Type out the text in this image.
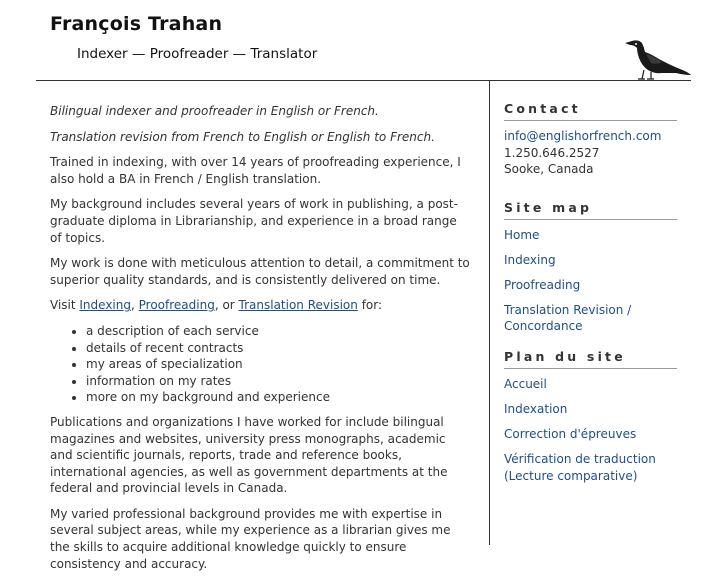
François Trahan
Indexer — Proofreader — Translator

Bilingual indexer and proofreader in English or French.

Translation revision from French to English or English to French.

Trained in indexing, with over 14 years of proofreading experience, I also hold a BA in French / English translation.

My background includes several years of work in publishing, a post-graduate diploma in Librarianship, and experience in a broad range of topics.

My work is done with meticulous attention to detail, a commitment to superior quality standards, and is consistently delivered on time.

Visit Indexing, Proofreading, or Translation Revision for:

• a description of each service
• details of recent contracts
• my areas of specialization
• information on my rates
• more on my background and experience

Publications and organizations I have worked for include bilingual magazines and websites, university press monographs, academic and scientific journals, reports, trade and reference books, international agencies, as well as government departments at the federal and provincial levels in Canada.

My varied professional background provides me with expertise in several subject areas, while my experience as a librarian gives me the skills to acquire additional knowledge quickly to ensure consistency and accuracy.

Contact
info@englishorfrench.com
1.250.646.2527
Sooke, Canada
Site map
Home
Indexing
Proofreading
Translation Revision / Concordance
Plan du site
Accueil
Indexation
Correction d'épreuves
Vérification de traduction (Lecture comparative)
